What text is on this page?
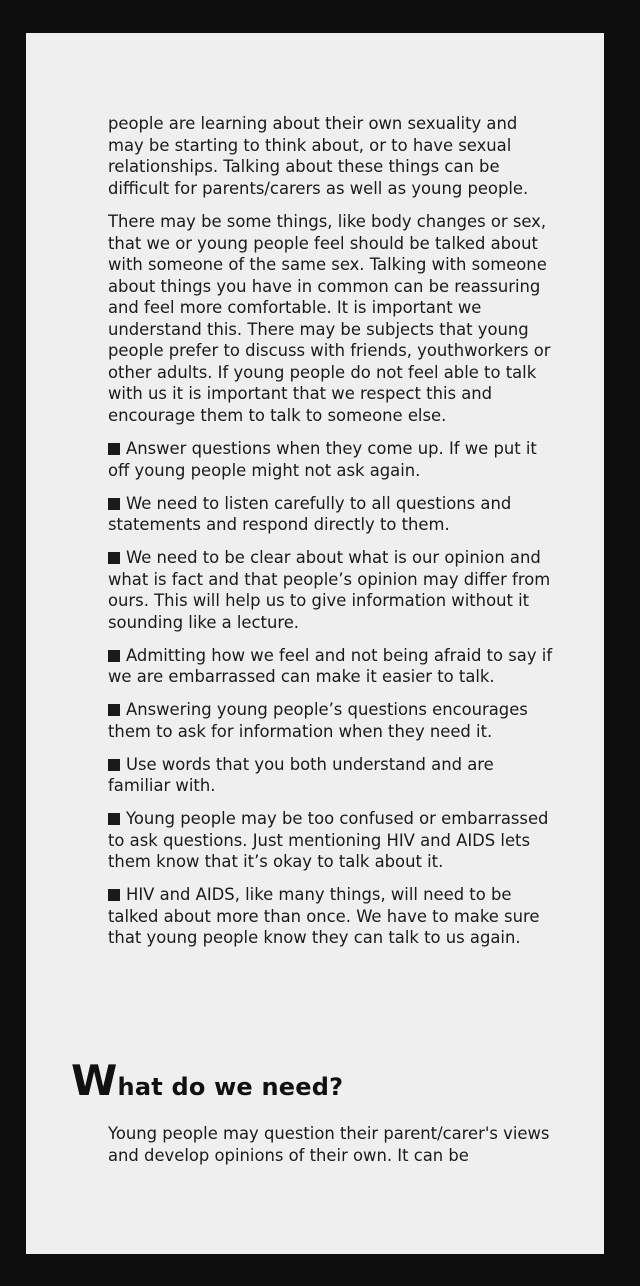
people are learning about their own sexuality and may be starting to think about, or to have sexual relationships. Talking about these things can be difficult for parents/carers as well as young people.

There may be some things, like body changes or sex, that we or young people feel should be talked about with someone of the same sex. Talking with someone about things you have in common can be reassuring and feel more comfortable. It is important we understand this. There may be subjects that young people prefer to discuss with friends, youthworkers or other adults. If young people do not feel able to talk with us it is important that we respect this and encourage them to talk to someone else.

Answer questions when they come up. If we put it off young people might not ask again.

We need to listen carefully to all questions and statements and respond directly to them.

We need to be clear about what is our opinion and what is fact and that people’s opinion may differ from ours. This will help us to give information without it sounding like a lecture.

Admitting how we feel and not being afraid to say if we are embarrassed can make it easier to talk.

Answering young people’s questions encourages them to ask for information when they need it.

Use words that you both understand and are familiar with.

Young people may be too confused or embarrassed to ask questions. Just mentioning HIV and AIDS lets them know that it’s okay to talk about it.

HIV and AIDS, like many things, will need to be talked about more than once. We have to make sure that young people know they can talk to us again.

What do we need?

Young people may question their parent/carer's views and develop opinions of their own. It can be
